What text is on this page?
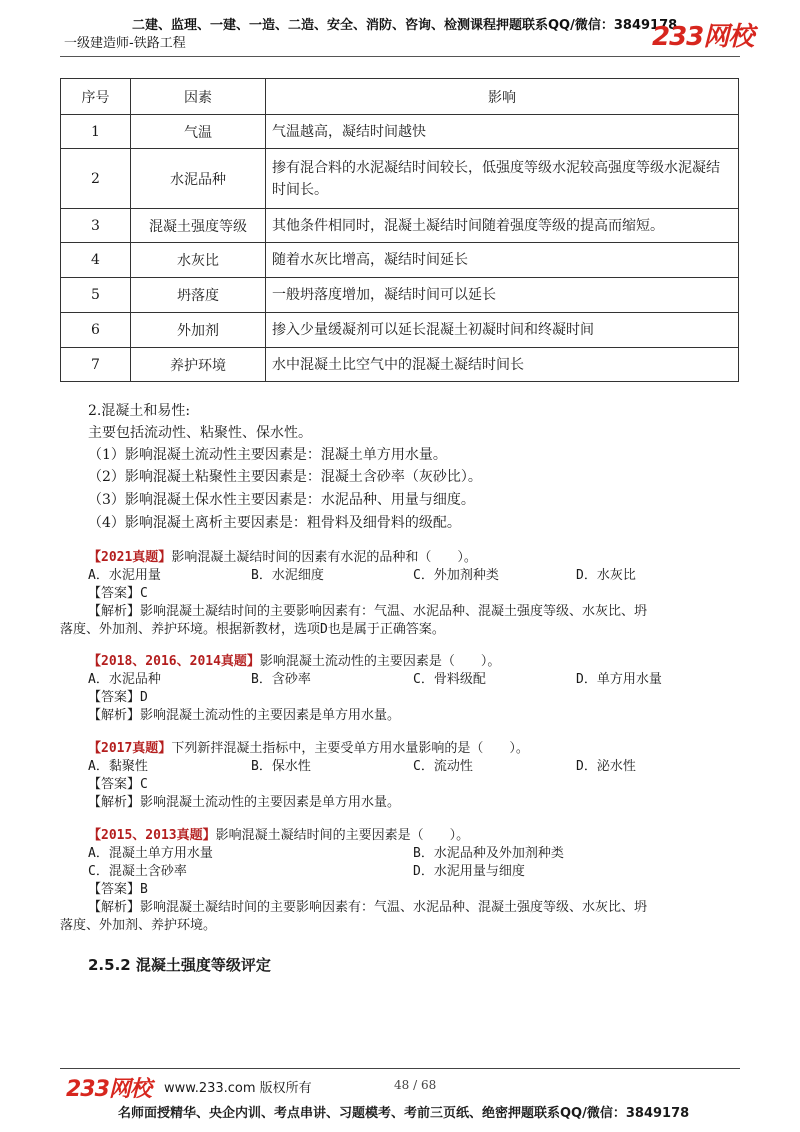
二建、监理、一建、一造、二造、安全、消防、咨询、检测课程押题联系QQ/微信：3849178
一级建造师-铁路工程	233网校
序号	因素	影响
1	气温	气温越高，凝结时间越快
2	水泥品种	掺有混合料的水泥凝结时间较长，低强度等级水泥较高强度等级水泥凝结时间长。
3	混凝土强度等级	其他条件相同时，混凝土凝结时间随着强度等级的提高而缩短。
4	水灰比	随着水灰比增高，凝结时间延长
5	坍落度	一般坍落度增加，凝结时间可以延长
6	外加剂	掺入少量缓凝剂可以延长混凝土初凝时间和终凝时间
7	养护环境	水中混凝土比空气中的混凝土凝结时间长
2.混凝土和易性:
主要包括流动性、粘聚性、保水性。
（1）影响混凝土流动性主要因素是：混凝土单方用水量。
（2）影响混凝土粘聚性主要因素是：混凝土含砂率（灰砂比）。
（3）影响混凝土保水性主要因素是：水泥品种、用量与细度。
（4）影响混凝土离析主要因素是：粗骨料及细骨料的级配。
【2021真题】影响混凝土凝结时间的因素有水泥的品种和（　　）。
A．水泥用量	B．水泥细度	C．外加剂种类	D．水灰比
【答案】C
【解析】影响混凝土凝结时间的主要影响因素有：气温、水泥品种、混凝土强度等级、水灰比、坍
落度、外加剂、养护环境。根据新教材，选项D也是属于正确答案。
【2018、2016、2014真题】影响混凝土流动性的主要因素是（　　）。
A．水泥品种	B．含砂率	C．骨料级配	D．单方用水量
【答案】D
【解析】影响混凝土流动性的主要因素是单方用水量。
【2017真题】下列新拌混凝土指标中，主要受单方用水量影响的是（　　）。
A．黏聚性	B．保水性	C．流动性	D．泌水性
【答案】C
【解析】影响混凝土流动性的主要因素是单方用水量。
【2015、2013真题】影响混凝土凝结时间的主要因素是（　　）。
A．混凝土单方用水量	B．水泥品种及外加剂种类
C．混凝土含砂率	D．水泥用量与细度
【答案】B
【解析】影响混凝土凝结时间的主要影响因素有：气温、水泥品种、混凝土强度等级、水灰比、坍
落度、外加剂、养护环境。
2.5.2 混凝土强度等级评定
233网校 www.233.com 版权所有	48 / 68
名师面授精华、央企内训、考点串讲、习题模考、考前三页纸、绝密押题联系QQ/微信：3849178
